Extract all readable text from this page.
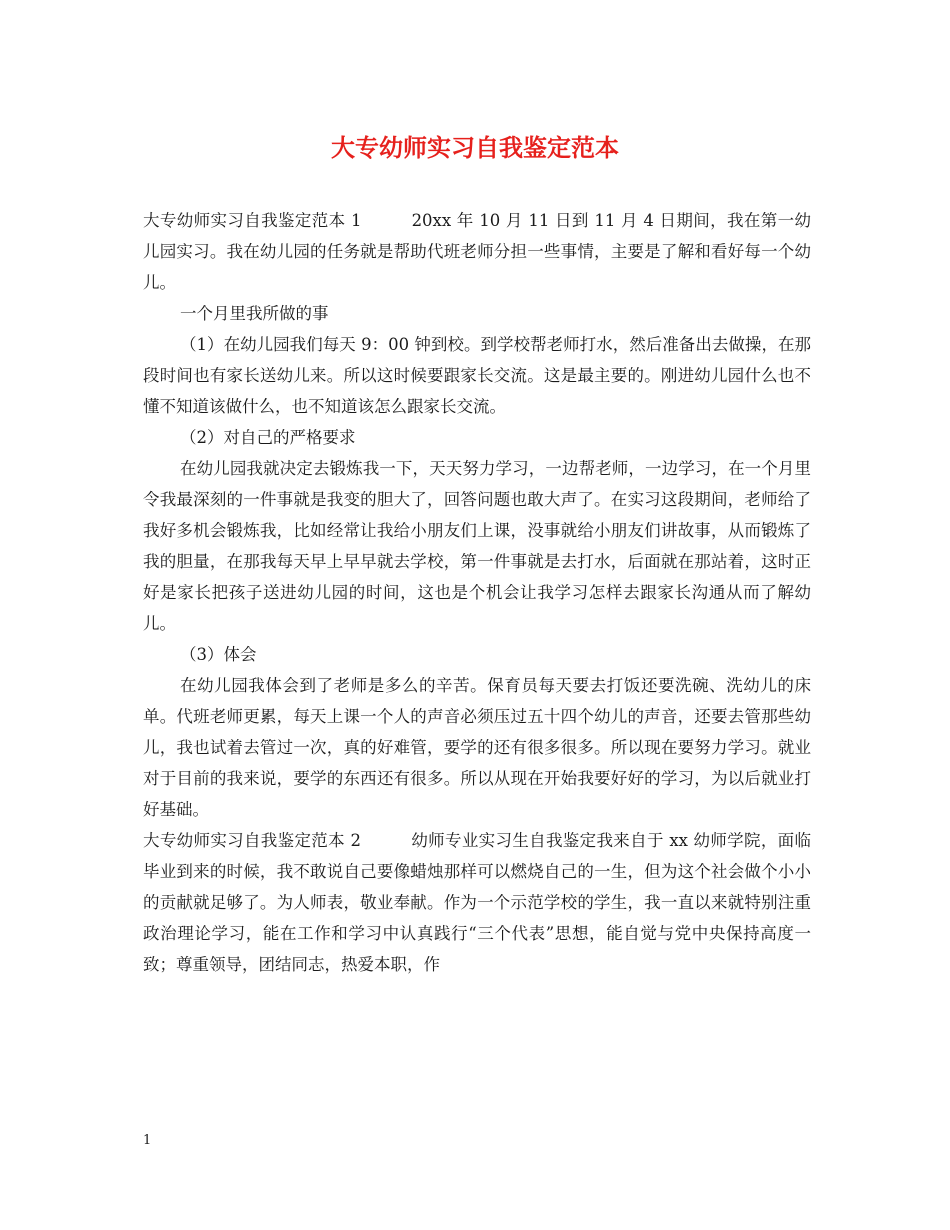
大专幼师实习自我鉴定范本

大专幼师实习自我鉴定范本 1	20xx 年 10 月 11 日到 11 月 4 日期间，我在第一幼儿园实习。我在幼儿园的任务就是帮助代班老师分担一些事情，主要是了解和看好每一个幼儿。

一个月里我所做的事

（1）在幼儿园我们每天 9：00 钟到校。到学校帮老师打水，然后准备出去做操，在那段时间也有家长送幼儿来。所以这时候要跟家长交流。这是最主要的。刚进幼儿园什么也不懂不知道该做什么，也不知道该怎么跟家长交流。

（2）对自己的严格要求

在幼儿园我就决定去锻炼我一下，天天努力学习，一边帮老师，一边学习，在一个月里令我最深刻的一件事就是我变的胆大了，回答问题也敢大声了。在实习这段期间，老师给了我好多机会锻炼我，比如经常让我给小朋友们上课，没事就给小朋友们讲故事，从而锻炼了我的胆量，在那我每天早上早早就去学校，第一件事就是去打水，后面就在那站着，这时正好是家长把孩子送进幼儿园的时间，这也是个机会让我学习怎样去跟家长沟通从而了解幼儿。

（3）体会

在幼儿园我体会到了老师是多么的辛苦。保育员每天要去打饭还要洗碗、洗幼儿的床单。代班老师更累，每天上课一个人的声音必须压过五十四个幼儿的声音，还要去管那些幼儿，我也试着去管过一次，真的好难管，要学的还有很多很多。所以现在要努力学习。就业对于目前的我来说，要学的东西还有很多。所以从现在开始我要好好的学习，为以后就业打好基础。

大专幼师实习自我鉴定范本 2	幼师专业实习生自我鉴定我来自于 xx 幼师学院，面临毕业到来的时候，我不敢说自己要像蜡烛那样可以燃烧自己的一生，但为这个社会做个小小的贡献就足够了。为人师表，敬业奉献。作为一个示范学校的学生，我一直以来就特别注重政治理论学习，能在工作和学习中认真践行“三个代表”思想，能自觉与党中央保持高度一致；尊重领导，团结同志，热爱本职，作

1
